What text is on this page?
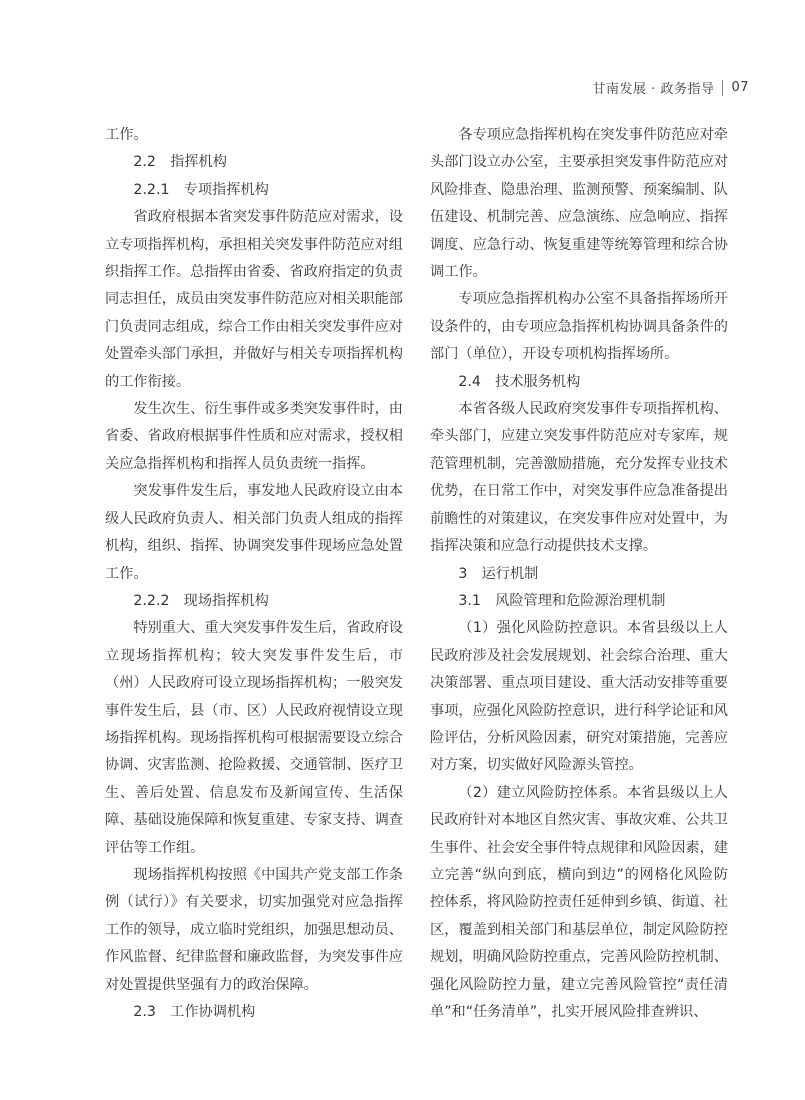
甘南发展 · 政务指导 07

工作。

2.2　指挥机构

2.2.1　专项指挥机构

省政府根据本省突发事件防范应对需求，设立专项指挥机构，承担相关突发事件防范应对组织指挥工作。总指挥由省委、省政府指定的负责同志担任，成员由突发事件防范应对相关职能部门负责同志组成，综合工作由相关突发事件应对处置牵头部门承担，并做好与相关专项指挥机构的工作衔接。

发生次生、衍生事件或多类突发事件时，由省委、省政府根据事件性质和应对需求，授权相关应急指挥机构和指挥人员负责统一指挥。

突发事件发生后，事发地人民政府设立由本级人民政府负责人、相关部门负责人组成的指挥机构，组织、指挥、协调突发事件现场应急处置工作。

2.2.2　现场指挥机构

特别重大、重大突发事件发生后，省政府设立现场指挥机构；较大突发事件发生后，市（州）人民政府可设立现场指挥机构；一般突发事件发生后，县（市、区）人民政府视情设立现场指挥机构。现场指挥机构可根据需要设立综合协调、灾害监测、抢险救援、交通管制、医疗卫生、善后处置、信息发布及新闻宣传、生活保障、基础设施保障和恢复重建、专家支持、调查评估等工作组。

现场指挥机构按照《中国共产党支部工作条例（试行）》有关要求，切实加强党对应急指挥工作的领导，成立临时党组织，加强思想动员、作风监督、纪律监督和廉政监督，为突发事件应对处置提供坚强有力的政治保障。

2.3　工作协调机构

各专项应急指挥机构在突发事件防范应对牵头部门设立办公室，主要承担突发事件防范应对风险排查、隐患治理、监测预警、预案编制、队伍建设、机制完善、应急演练、应急响应、指挥调度、应急行动、恢复重建等统筹管理和综合协调工作。

专项应急指挥机构办公室不具备指挥场所开设条件的，由专项应急指挥机构协调具备条件的部门（单位），开设专项机构指挥场所。

2.4　技术服务机构

本省各级人民政府突发事件专项指挥机构、牵头部门，应建立突发事件防范应对专家库，规范管理机制，完善激励措施，充分发挥专业技术优势，在日常工作中，对突发事件应急准备提出前瞻性的对策建议，在突发事件应对处置中，为指挥决策和应急行动提供技术支撑。

3　运行机制

3.1　风险管理和危险源治理机制

（1）强化风险防控意识。本省县级以上人民政府涉及社会发展规划、社会综合治理、重大决策部署、重点项目建设、重大活动安排等重要事项，应强化风险防控意识，进行科学论证和风险评估，分析风险因素，研究对策措施，完善应对方案，切实做好风险源头管控。

（2）建立风险防控体系。本省县级以上人民政府针对本地区自然灾害、事故灾难、公共卫生事件、社会安全事件特点规律和风险因素，建立完善“纵向到底，横向到边”的网格化风险防控体系，将风险防控责任延伸到乡镇、街道、社区，覆盖到相关部门和基层单位，制定风险防控规划，明确风险防控重点，完善风险防控机制、强化风险防控力量，建立完善风险管控“责任清单”和“任务清单”，扎实开展风险排查辨识、
